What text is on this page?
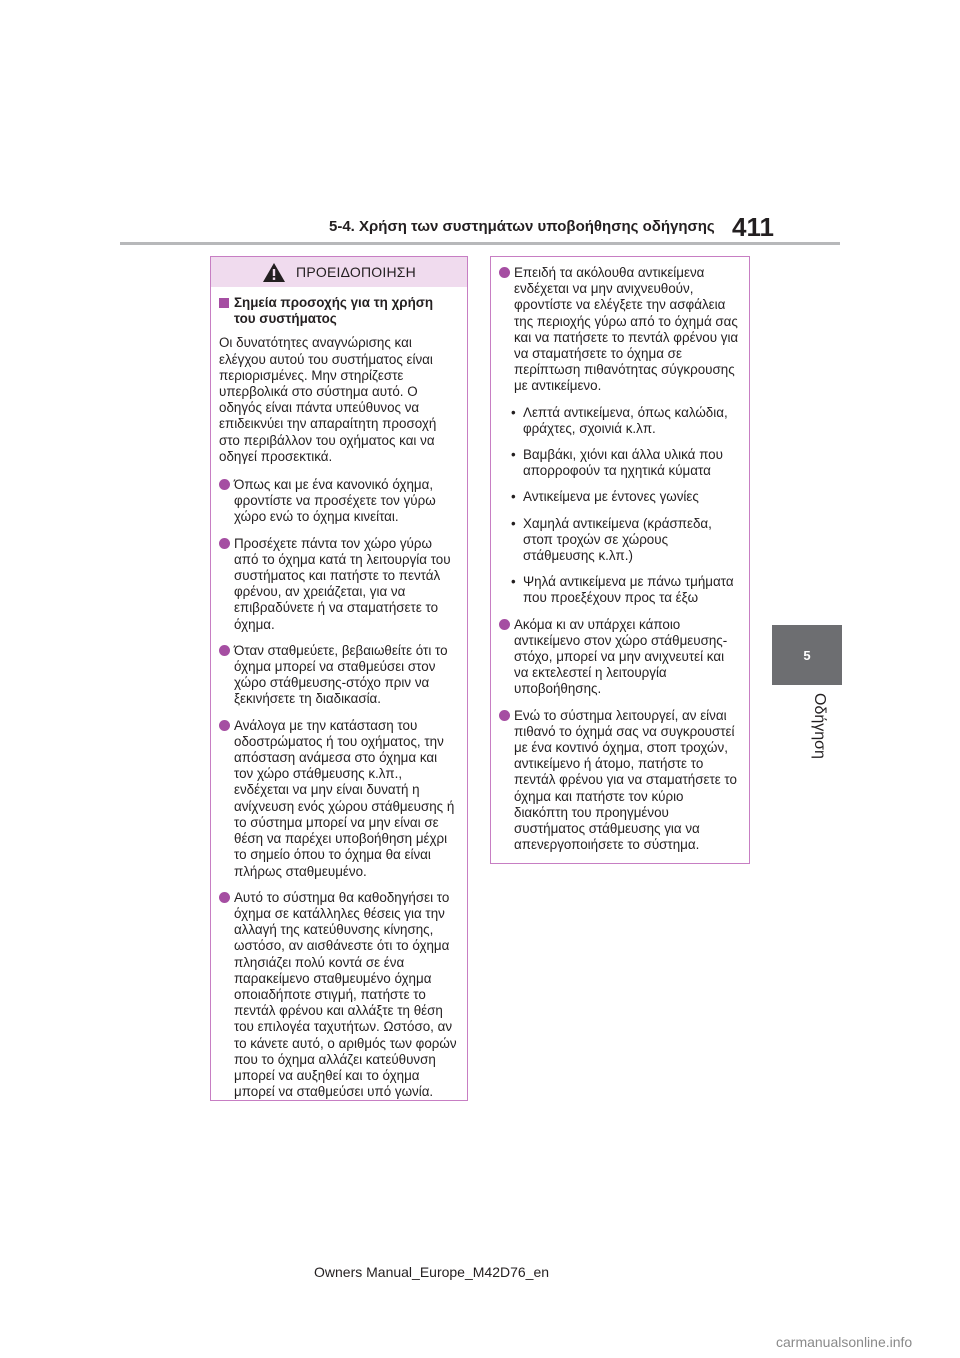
5-4. Χρήση των συστημάτων υποβοήθησης οδήγησης 411
5
Οδήγηση
ΠΡΟΕΙΔΟΠΟΙΗΣΗ
Σημεία προσοχής για τη χρήση του συστήματος

Οι δυνατότητες αναγνώρισης και ελέγχου αυτού του συστήματος είναι περιορισμένες. Μην στηρίζεστε υπερβολικά στο σύστημα αυτό. Ο οδηγός είναι πάντα υπεύθυνος να επιδεικνύει την απαραίτητη προσοχή στο περιβάλλον του οχήματος και να οδηγεί προσεκτικά.

Όπως και με ένα κανονικό όχημα, φροντίστε να προσέχετε τον γύρω χώρο ενώ το όχημα κινείται.
Προσέχετε πάντα τον χώρο γύρω από το όχημα κατά τη λειτουργία του συστήματος και πατήστε το πεντάλ φρένου, αν χρειάζεται, για να επιβραδύνετε ή να σταματήσετε το όχημα.
Όταν σταθμεύετε, βεβαιωθείτε ότι το όχημα μπορεί να σταθμεύσει στον χώρο στάθμευσης-στόχο πριν να ξεκινήσετε τη διαδικασία.
Ανάλογα με την κατάσταση του οδοστρώματος ή του οχήματος, την απόσταση ανάμεσα στο όχημα και τον χώρο στάθμευσης κ.λπ., ενδέχεται να μην είναι δυνατή η ανίχνευση ενός χώρου στάθμευσης ή το σύστημα μπορεί να μην είναι σε θέση να παρέχει υποβοήθηση μέχρι το σημείο όπου το όχημα θα είναι πλήρως σταθμευμένο.
Αυτό το σύστημα θα καθοδηγήσει το όχημα σε κατάλληλες θέσεις για την αλλαγή της κατεύθυνσης κίνησης, ωστόσο, αν αισθάνεστε ότι το όχημα πλησιάζει πολύ κοντά σε ένα παρακείμενο σταθμευμένο όχημα οποιαδήποτε στιγμή, πατήστε το πεντάλ φρένου και αλλάξτε τη θέση του επιλογέα ταχυτήτων. Ωστόσο, αν το κάνετε αυτό, ο αριθμός των φορών που το όχημα αλλάζει κατεύθυνση μπορεί να αυξηθεί και το όχημα μπορεί να σταθμεύσει υπό γωνία.
Επειδή τα ακόλουθα αντικείμενα ενδέχεται να μην ανιχνευθούν, φροντίστε να ελέγξετε την ασφάλεια της περιοχής γύρω από το όχημά σας και να πατήσετε το πεντάλ φρένου για να σταματήσετε το όχημα σε περίπτωση πιθανότητας σύγκρουσης με αντικείμενο.
• Λεπτά αντικείμενα, όπως καλώδια, φράχτες, σχοινιά κ.λπ.
• Βαμβάκι, χιόνι και άλλα υλικά που απορροφούν τα ηχητικά κύματα
• Αντικείμενα με έντονες γωνίες
• Χαμηλά αντικείμενα (κράσπεδα, στοπ τροχών σε χώρους στάθμευσης κ.λπ.)
• Ψηλά αντικείμενα με πάνω τμήματα που προεξέχουν προς τα έξω
Ακόμα κι αν υπάρχει κάποιο αντικείμενο στον χώρο στάθμευσης-στόχο, μπορεί να μην ανιχνευτεί και να εκτελεστεί η λειτουργία υποβοήθησης.
Ενώ το σύστημα λειτουργεί, αν είναι πιθανό το όχημά σας να συγκρουστεί με ένα κοντινό όχημα, στοπ τροχών, αντικείμενο ή άτομο, πατήστε το πεντάλ φρένου για να σταματήσετε το όχημα και πατήστε τον κύριο διακόπτη του προηγμένου συστήματος στάθμευσης για να απενεργοποιήσετε το σύστημα.
Owners Manual_Europe_M42D76_en
carmanualsonline.info
